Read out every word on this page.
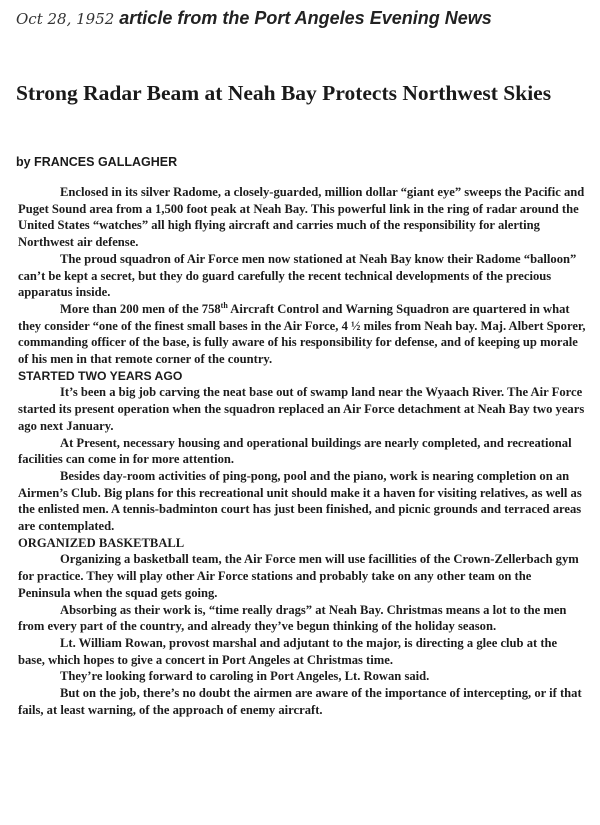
Oct 28, 1952 article from the Port Angeles Evening News
Strong Radar Beam at Neah Bay Protects Northwest Skies

by FRANCES GALLAGHER

Enclosed in its silver Radome, a closely-guarded, million dollar “giant eye” sweeps the Pacific and Puget Sound area from a 1,500 foot peak at Neah Bay. This powerful link in the ring of radar around the United States “watches” all high flying aircraft and carries much of the responsibility for alerting Northwest air defense.

The proud squadron of Air Force men now stationed at Neah Bay know their Radome “balloon” can’t be kept a secret, but they do guard carefully the recent technical developments of the precious apparatus inside.

More than 200 men of the 758th Aircraft Control and Warning Squadron are quartered in what they consider “one of the finest small bases in the Air Force, 4 ½ miles from Neah bay. Maj. Albert Sporer, commanding officer of the base, is fully aware of his responsibility for defense, and of keeping up morale of his men in that remote corner of the country.

STARTED TWO YEARS AGO

It’s been a big job carving the neat base out of swamp land near the Wyaach River. The Air Force started its present operation when the squadron replaced an Air Force detachment at Neah Bay two years ago next January.

At Present, necessary housing and operational buildings are nearly completed, and recreational facilities can come in for more attention.

Besides day-room activities of ping-pong, pool and the piano, work is nearing completion on an Airmen’s Club. Big plans for this recreational unit should make it a haven for visiting relatives, as well as the enlisted men. A tennis-badminton court has just been finished, and picnic grounds and terraced areas are contemplated.

ORGANIZED BASKETBALL

Organizing a basketball team, the Air Force men will use facillities of the Crown-Zellerbach gym for practice. They will play other Air Force stations and probably take on any other team on the Peninsula when the squad gets going.

Absorbing as their work is, “time really drags” at Neah Bay. Christmas means a lot to the men from every part of the country, and already they’ve begun thinking of the holiday season.

Lt. William Rowan, provost marshal and adjutant to the major, is directing a glee club at the base, which hopes to give a concert in Port Angeles at Christmas time.

They’re looking forward to caroling in Port Angeles, Lt. Rowan said.

But on the job, there’s no doubt the airmen are aware of the importance of intercepting, or if that fails, at least warning, of the approach of enemy aircraft.
